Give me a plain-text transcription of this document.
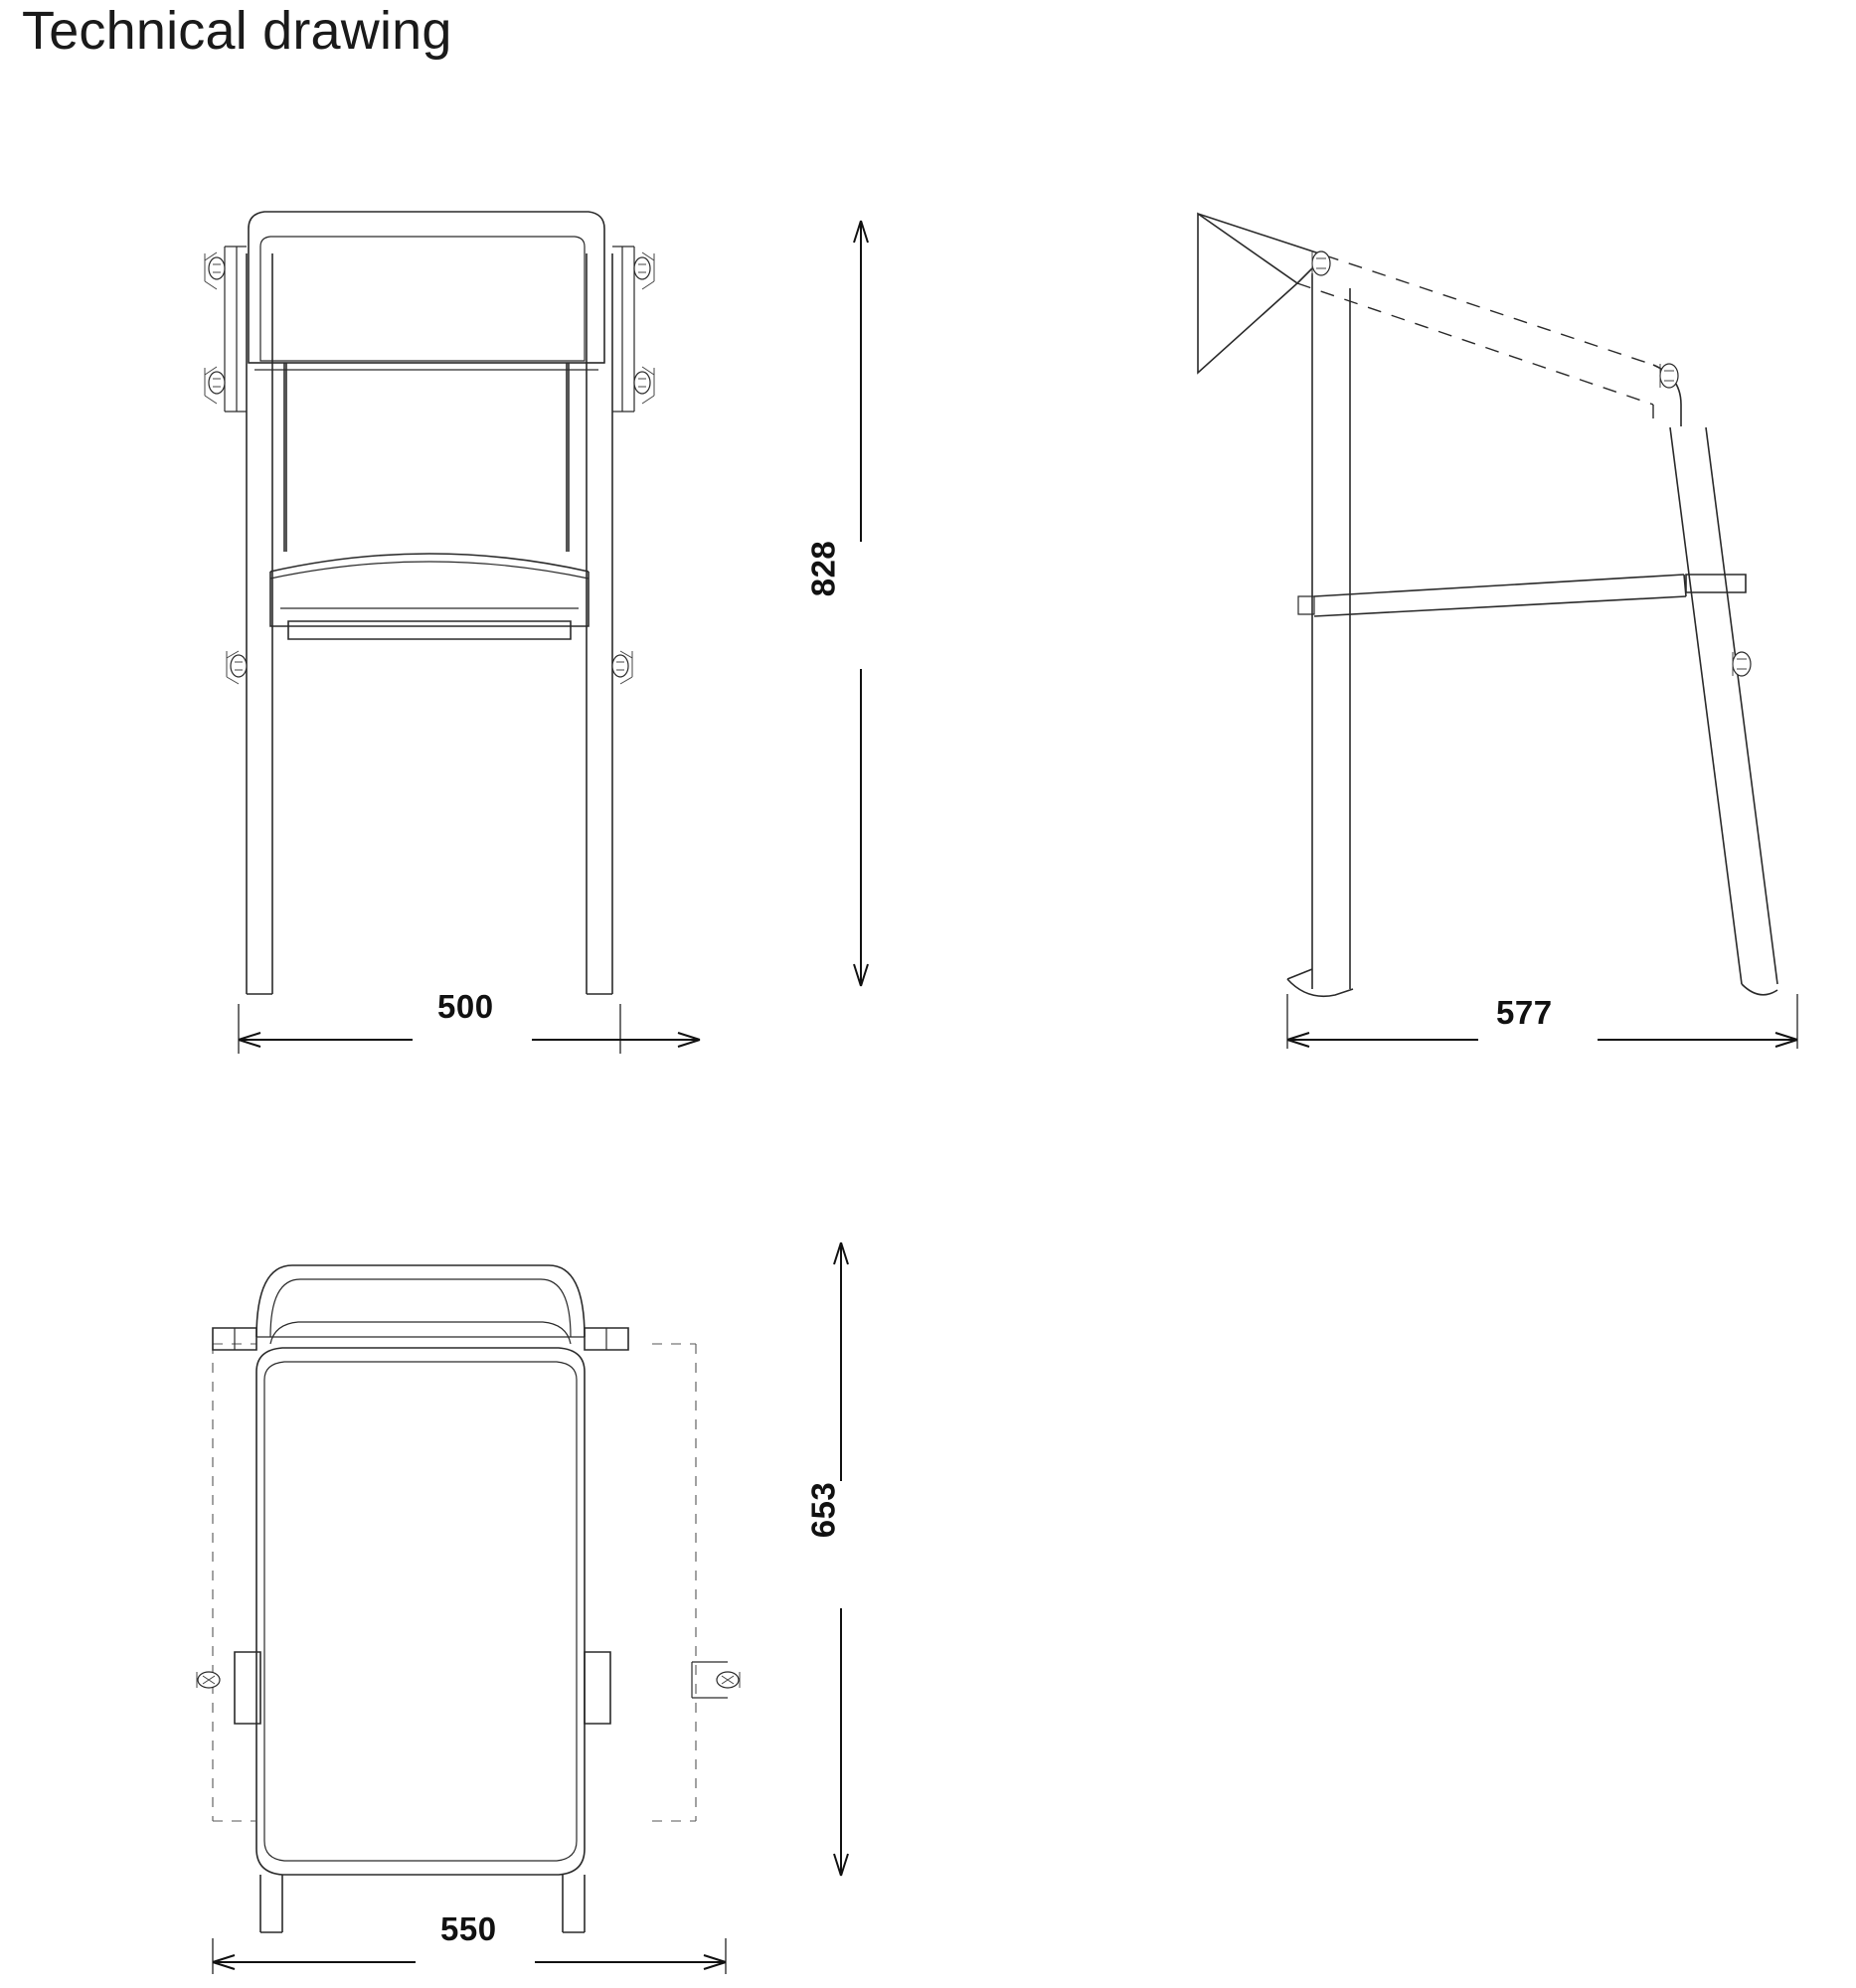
Technical drawing
500
828
577
653
550
